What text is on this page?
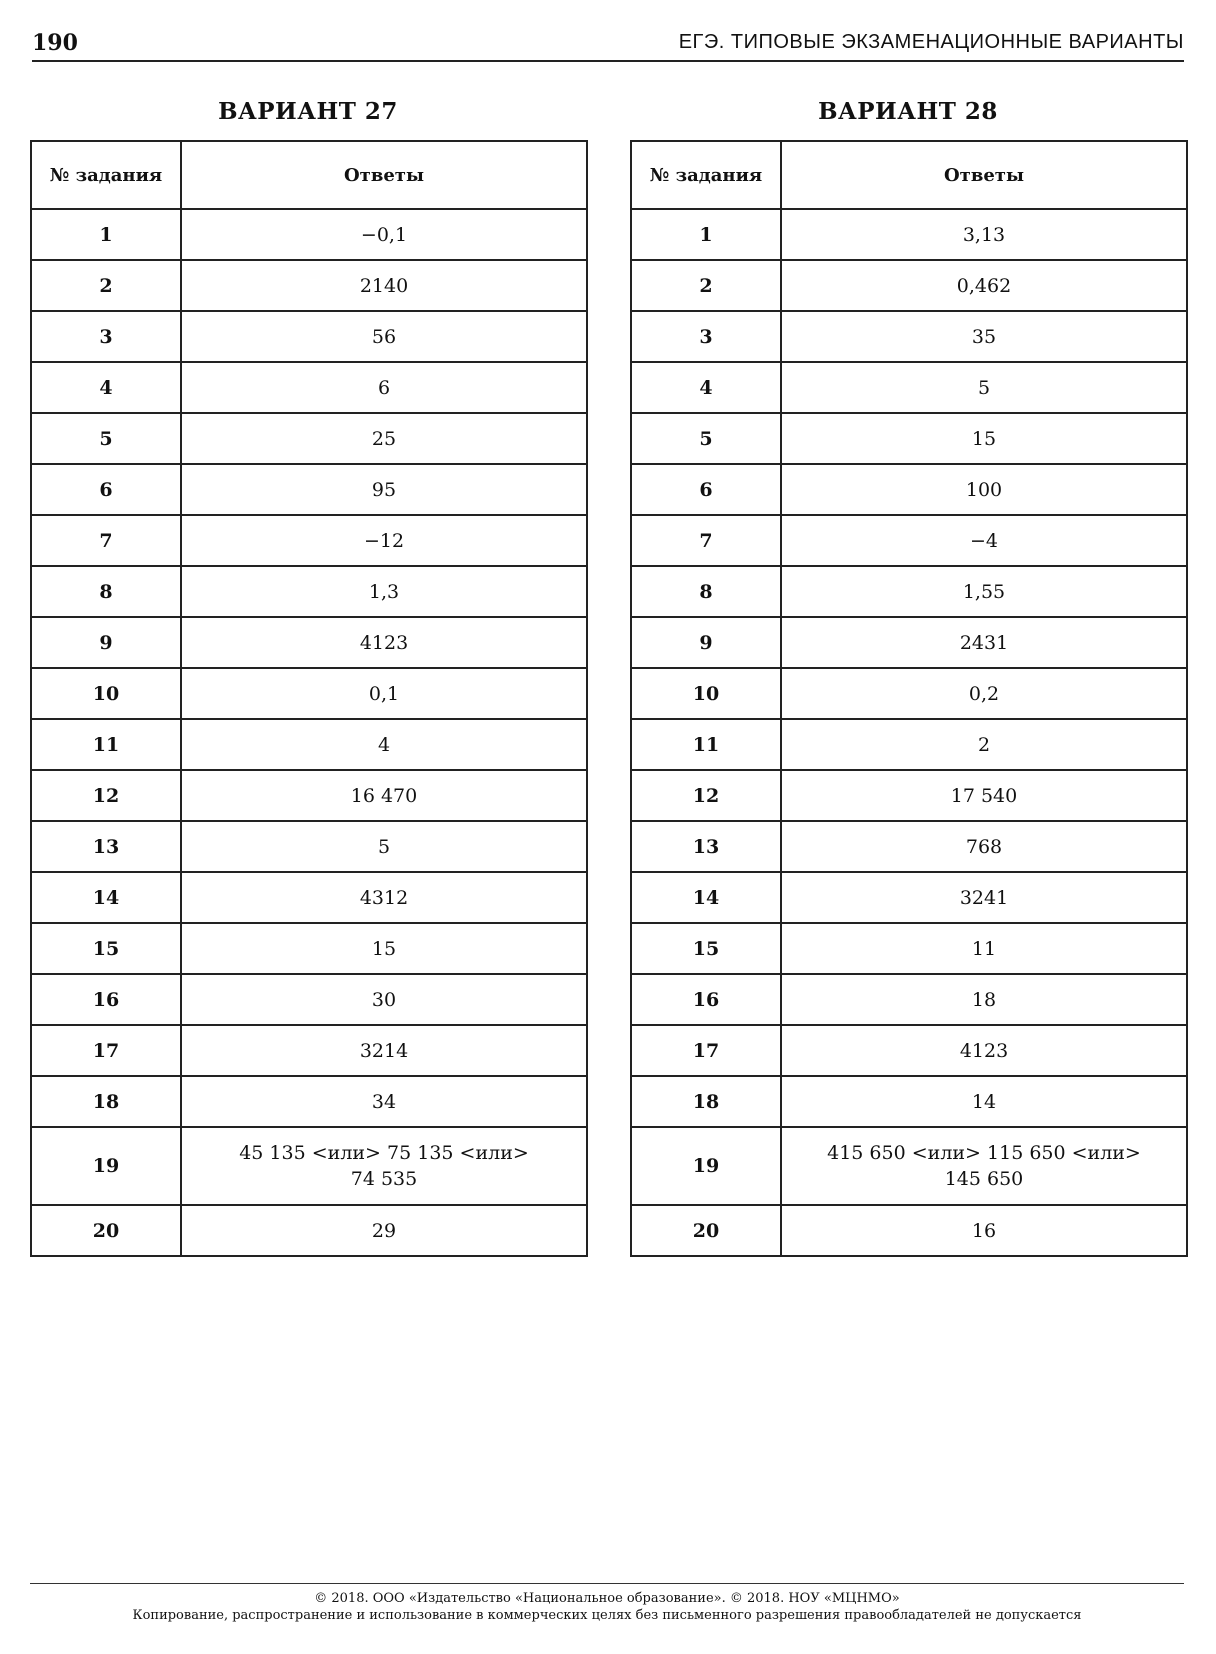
190	ЕГЭ. ТИПОВЫЕ ЭКЗАМЕНАЦИОННЫЕ ВАРИАНТЫ
ВАРИАНТ 27
№ задания	Ответы
1	−0,1
2	2140
3	56
4	6
5	25
6	95
7	−12
8	1,3
9	4123
10	0,1
11	4
12	16 470
13	5
14	4312
15	15
16	30
17	3214
18	34
19	45 135 <или> 75 135 <или>
74 535

20	29
ВАРИАНТ 28
№ задания	Ответы
1	3,13
2	0,462
3	35
4	5
5	15
6	100
7	−4
8	1,55
9	2431
10	0,2
11	2
12	17 540
13	768
14	3241
15	11
16	18
17	4123
18	14
19	415 650 <или> 115 650 <или>
145 650

20	16
© 2018. ООО «Издательство «Национальное образование». © 2018. НОУ «МЦНМО»
Копирование, распространение и использование в коммерческих целях без письменного разрешения правообладателей не допускается
